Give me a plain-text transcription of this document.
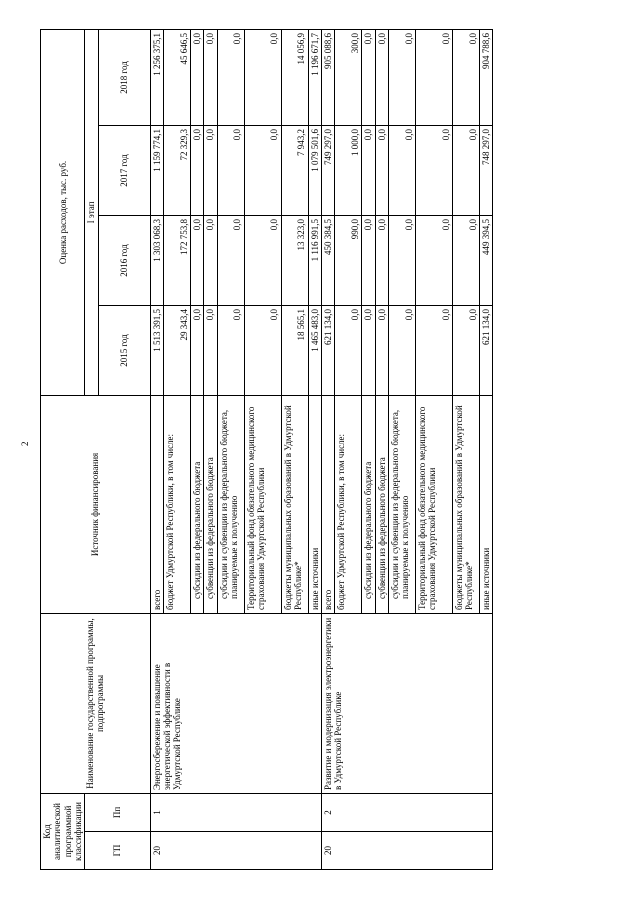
2
Код аналитической программной классификации		Наименование государственной программы, подпрограммы	Источник финансирования	Оценка расходов, тыс. руб.			
ГП	Пп			I этап			
				2015 год	2016 год	2017 год	2018 год
20	1	Энергосбережение и повышение энергетической эффективности в Удмуртской Республике	всего	1 513 391,5	1 303 068,3	1 159 774,1	1 256 375,1
			бюджет Удмуртской Республики, в том числе:	29 343,4	172 753,8	72 329,3	45 646,5
			субсидии из федерального бюджета	0,0	0,0	0,0	0,0
			субвенции из федерального бюджета	0,0	0,0	0,0	0,0
			субсидии и субвенции из федерального бюджета, планируемые к получению	0,0	0,0	0,0	0,0
			Территориальный фонд обязательного медицинского страхования Удмуртской Республики	0,0	0,0	0,0	0,0
			бюджеты муниципальных образований в Удмуртской Республике*	18 565,1	13 323,0	7 943,2	14 056,9
			иные источники	1 465 483,0	1 116 991,5	1 079 501,6	1 196 671,7
20	2	Развитие и модернизация электроэнергетики в Удмуртской Республике	всего	621 134,0	450 384,5	749 297,0	905 088,6
			бюджет Удмуртской Республики, в том числе:	0,0	990,0	1 000,0	300,0
			субсидии из федерального бюджета	0,0	0,0	0,0	0,0
			субвенции из федерального бюджета	0,0	0,0	0,0	0,0
			субсидии и субвенции из федерального бюджета, планируемые к получению	0,0	0,0	0,0	0,0
			Территориальный фонд обязательного медицинского страхования Удмуртской Республики	0,0	0,0	0,0	0,0
			бюджеты муниципальных образований в Удмуртской Республике*	0,0	0,0	0,0	0,0
			иные источники	621 134,0	449 394,5	748 297,0	904 788,6
